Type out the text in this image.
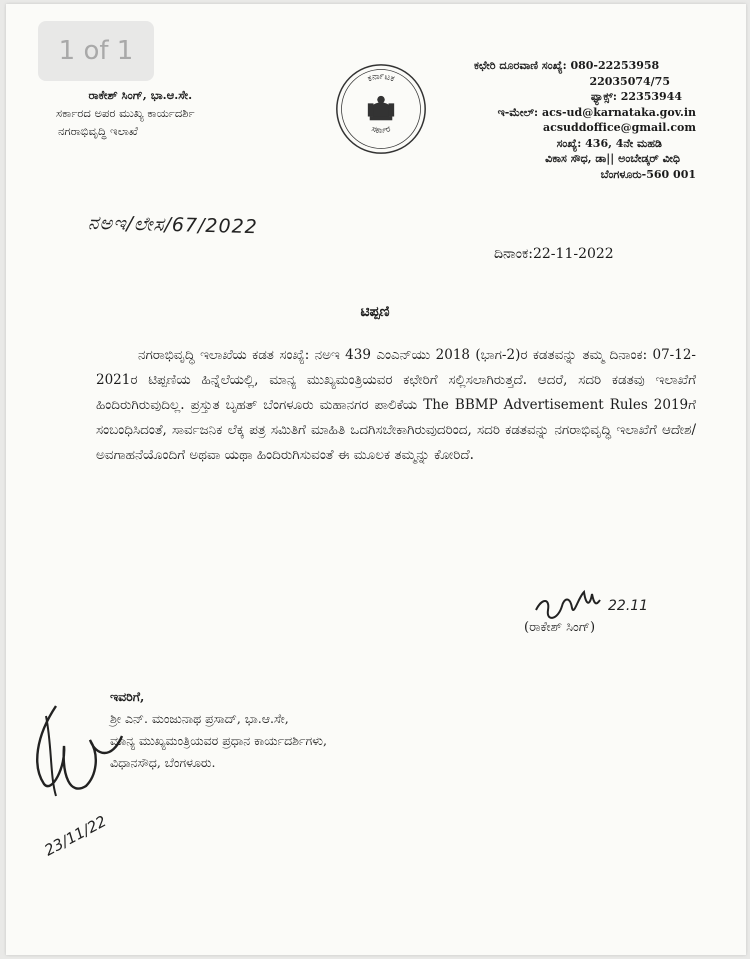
1 of 1
ರಾಕೇಶ್ ಸಿಂಗ್, ಭಾ.ಆ.ಸೇ.
ಸರ್ಕಾರದ ಅಪರ ಮುಖ್ಯ ಕಾರ್ಯದರ್ಶಿ
ನಗರಾಭಿವೃದ್ಧಿ ಇಲಾಖೆ
ಕರ್ನಾಟಕ
ಸರ್ಕಾರ
ಕಛೇರಿ ದೂರವಾಣಿ ಸಂಖ್ಯೆ: 080-22253958
22035074/75
ಫ್ಯಾಕ್ಸ್: 22353944
ಇ-ಮೇಲ್: acs-ud@karnataka.gov.in
acsuddoffice@gmail.com
ಸಂಖ್ಯೆ: 436, 4ನೇ ಮಹಡಿ
ವಿಕಾಸ ಸೌಧ, ಡಾ|| ಅಂಬೇಡ್ಕರ್ ವೀಧಿ
ಬೆಂಗಳೂರು-560 001
ನಅಇ/ಲೇಸ/67/2022
ದಿನಾಂಕ:22-11-2022
ಟಿಪ್ಪಣಿ
ನಗರಾಭಿವೃದ್ಧಿ ಇಲಾಖೆಯ ಕಡತ ಸಂಖ್ಯೆ: ನಅಇ 439 ಎಂಎನ್‌ಯು 2018 (ಭಾಗ-2)ರ ಕಡತವನ್ನು ತಮ್ಮ ದಿನಾಂಕ: 07-12-2021ರ ಟಿಪ್ಪಣಿಯ ಹಿನ್ನೆಲೆಯಲ್ಲಿ, ಮಾನ್ಯ ಮುಖ್ಯಮಂತ್ರಿಯವರ ಕಛೇರಿಗೆ ಸಲ್ಲಿಸಲಾಗಿರುತ್ತದೆ. ಆದರೆ, ಸದರಿ ಕಡತವು ಇಲಾಖೆಗೆ ಹಿಂದಿರುಗಿರುವುದಿಲ್ಲ. ಪ್ರಸ್ತುತ ಬೃಹತ್ ಬೆಂಗಳೂರು ಮಹಾನಗರ ಪಾಲಿಕೆಯ The BBMP Advertisement Rules 2019ಗೆ ಸಂಬಂಧಿಸಿದಂತೆ, ಸಾರ್ವಜನಿಕ ಲೆಕ್ಕ ಪತ್ರ ಸಮಿತಿಗೆ ಮಾಹಿತಿ ಒದಗಿಸಬೇಕಾಗಿರುವುದರಿಂದ, ಸದರಿ ಕಡತವನ್ನು ನಗರಾಭಿವೃದ್ಧಿ ಇಲಾಖೆಗೆ ಆದೇಶ/ಅವಗಾಹನೆಯೊಂದಿಗೆ ಅಥವಾ ಯಥಾ ಹಿಂದಿರುಗಿಸುವಂತೆ ಈ ಮೂಲಕ ತಮ್ಮನ್ನು ಕೋರಿದೆ.
22.11
(ರಾಕೇಶ್ ಸಿಂಗ್)
ಇವರಿಗೆ,
ಶ್ರೀ ಎನ್. ಮಂಜುನಾಥ ಪ್ರಸಾದ್, ಭಾ.ಆ.ಸೇ,
ಮಾನ್ಯ ಮುಖ್ಯಮಂತ್ರಿಯವರ ಪ್ರಧಾನ ಕಾರ್ಯದರ್ಶಿಗಳು,
ವಿಧಾನಸೌಧ, ಬೆಂಗಳೂರು.
23/11/22
